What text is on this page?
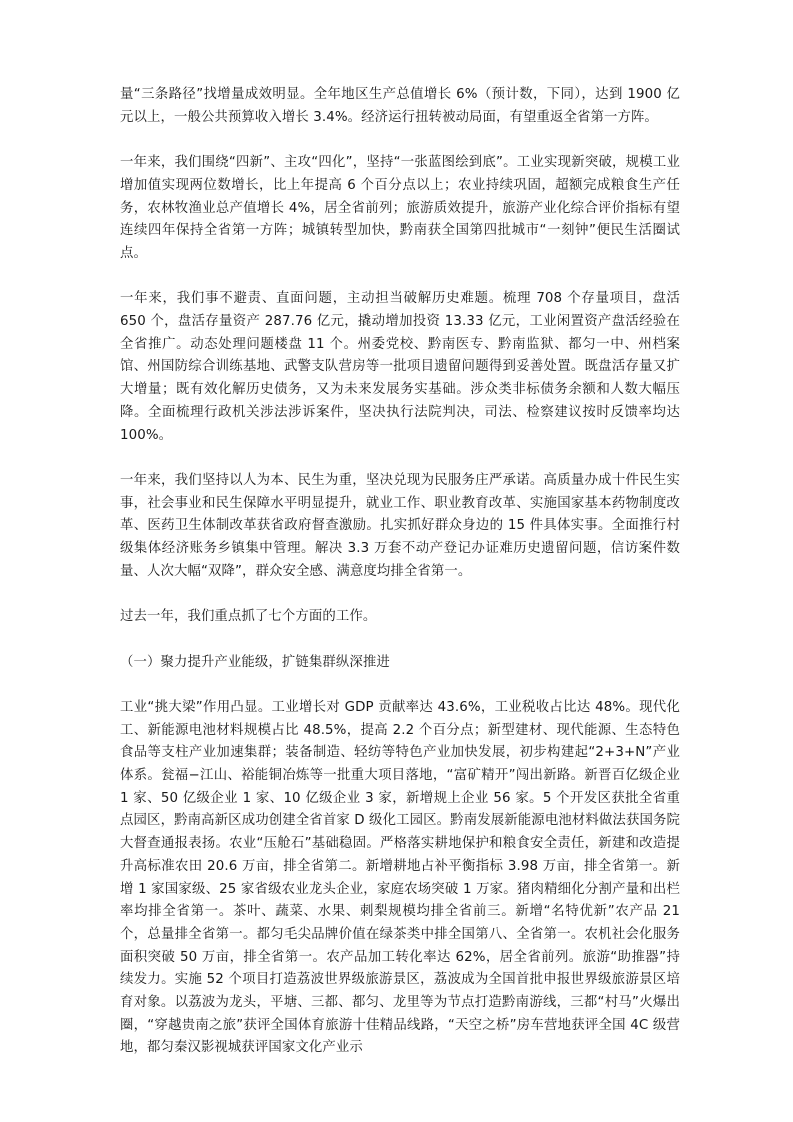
量“三条路径”找增量成效明显。全年地区生产总值增长 6%（预计数，下同），达到 1900 亿元以上，一般公共预算收入增长 3.4%。经济运行扭转被动局面，有望重返全省第一方阵。

一年来，我们围绕“四新”、主攻“四化”，坚持“一张蓝图绘到底”。工业实现新突破，规模工业增加值实现两位数增长，比上年提高 6 个百分点以上；农业持续巩固，超额完成粮食生产任务，农林牧渔业总产值增长 4%，居全省前列；旅游质效提升，旅游产业化综合评价指标有望连续四年保持全省第一方阵；城镇转型加快，黔南获全国第四批城市“一刻钟”便民生活圈试点。

一年来，我们事不避责、直面问题，主动担当破解历史难题。梳理 708 个存量项目，盘活 650 个，盘活存量资产 287.76 亿元，撬动增加投资 13.33 亿元，工业闲置资产盘活经验在全省推广。动态处理问题楼盘 11 个。州委党校、黔南医专、黔南监狱、都匀一中、州档案馆、州国防综合训练基地、武警支队营房等一批项目遗留问题得到妥善处置。既盘活存量又扩大增量；既有效化解历史债务，又为未来发展务实基础。涉众类非标债务余额和人数大幅压降。全面梳理行政机关涉法涉诉案件，坚决执行法院判决，司法、检察建议按时反馈率均达 100%。

一年来，我们坚持以人为本、民生为重，坚决兑现为民服务庄严承诺。高质量办成十件民生实事，社会事业和民生保障水平明显提升，就业工作、职业教育改革、实施国家基本药物制度改革、医药卫生体制改革获省政府督查激励。扎实抓好群众身边的 15 件具体实事。全面推行村级集体经济账务乡镇集中管理。解决 3.3 万套不动产登记办证难历史遗留问题，信访案件数量、人次大幅“双降”，群众安全感、满意度均排全省第一。

过去一年，我们重点抓了七个方面的工作。

（一）聚力提升产业能级，扩链集群纵深推进

工业“挑大梁”作用凸显。工业增长对 GDP 贡献率达 43.6%，工业税收占比达 48%。现代化工、新能源电池材料规模占比 48.5%，提高 2.2 个百分点；新型建材、现代能源、生态特色食品等支柱产业加速集群；装备制造、轻纺等特色产业加快发展，初步构建起“2+3+N”产业体系。瓮福−江山、裕能铜冶炼等一批重大项目落地，“富矿精开”闯出新路。新晋百亿级企业 1 家、50 亿级企业 1 家、10 亿级企业 3 家，新增规上企业 56 家。5 个开发区获批全省重点园区，黔南高新区成功创建全省首家 D 级化工园区。黔南发展新能源电池材料做法获国务院大督查通报表扬。农业“压舱石”基础稳固。严格落实耕地保护和粮食安全责任，新建和改造提升高标准农田 20.6 万亩，排全省第二。新增耕地占补平衡指标 3.98 万亩，排全省第一。新增 1 家国家级、25 家省级农业龙头企业，家庭农场突破 1 万家。猪肉精细化分割产量和出栏率均排全省第一。茶叶、蔬菜、水果、刺梨规模均排全省前三。新增“名特优新”农产品 21 个，总量排全省第一。都匀毛尖品牌价值在绿茶类中排全国第八、全省第一。农机社会化服务面积突破 50 万亩，排全省第一。农产品加工转化率达 62%，居全省前列。旅游“助推器”持续发力。实施 52 个项目打造荔波世界级旅游景区，荔波成为全国首批申报世界级旅游景区培育对象。以荔波为龙头，平塘、三都、都匀、龙里等为节点打造黔南游线，三都“村马”火爆出圈，“穿越贵南之旅”获评全国体育旅游十佳精品线路，“天空之桥”房车营地获评全国 4C 级营地，都匀秦汉影视城获评国家文化产业示
